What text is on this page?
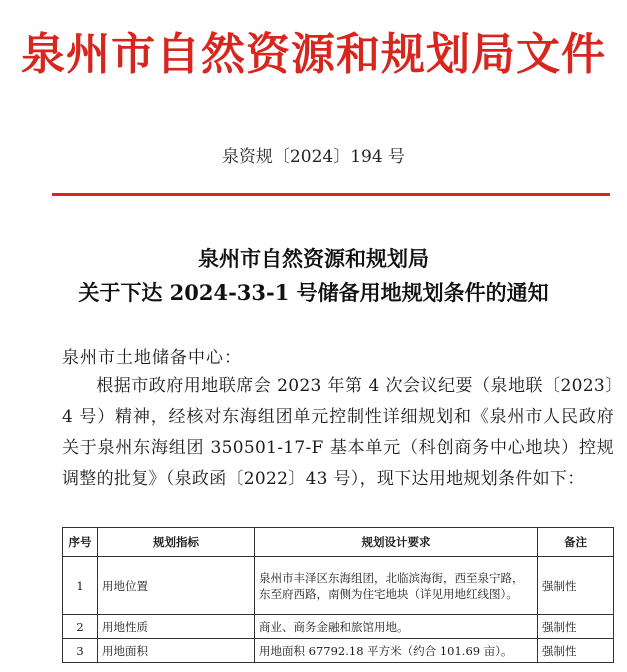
泉州市自然资源和规划局文件
泉资规〔2024〕194 号
泉州市自然资源和规划局
关于下达 2024-33-1 号储备用地规划条件的通知
泉州市土地储备中心：
根据市政府用地联席会 2023 年第 4 次会议纪要（泉地联〔2023〕4 号）精神，经核对东海组团单元控制性详细规划和《泉州市人民政府关于泉州东海组团 350501-17-F 基本单元（科创商务中心地块）控规调整的批复》（泉政函〔2022〕43 号），现下达用地规划条件如下：
序号	规划指标	规划设计要求	备注
1	用地位置	泉州市丰泽区东海组团，北临滨海街，西至泉宁路，东至府西路，南侧为住宅地块（详见用地红线图）。	强制性
2	用地性质	商业、商务金融和旅馆用地。	强制性
3	用地面积	用地面积 67792.18 平方米（约合 101.69 亩）。	强制性
